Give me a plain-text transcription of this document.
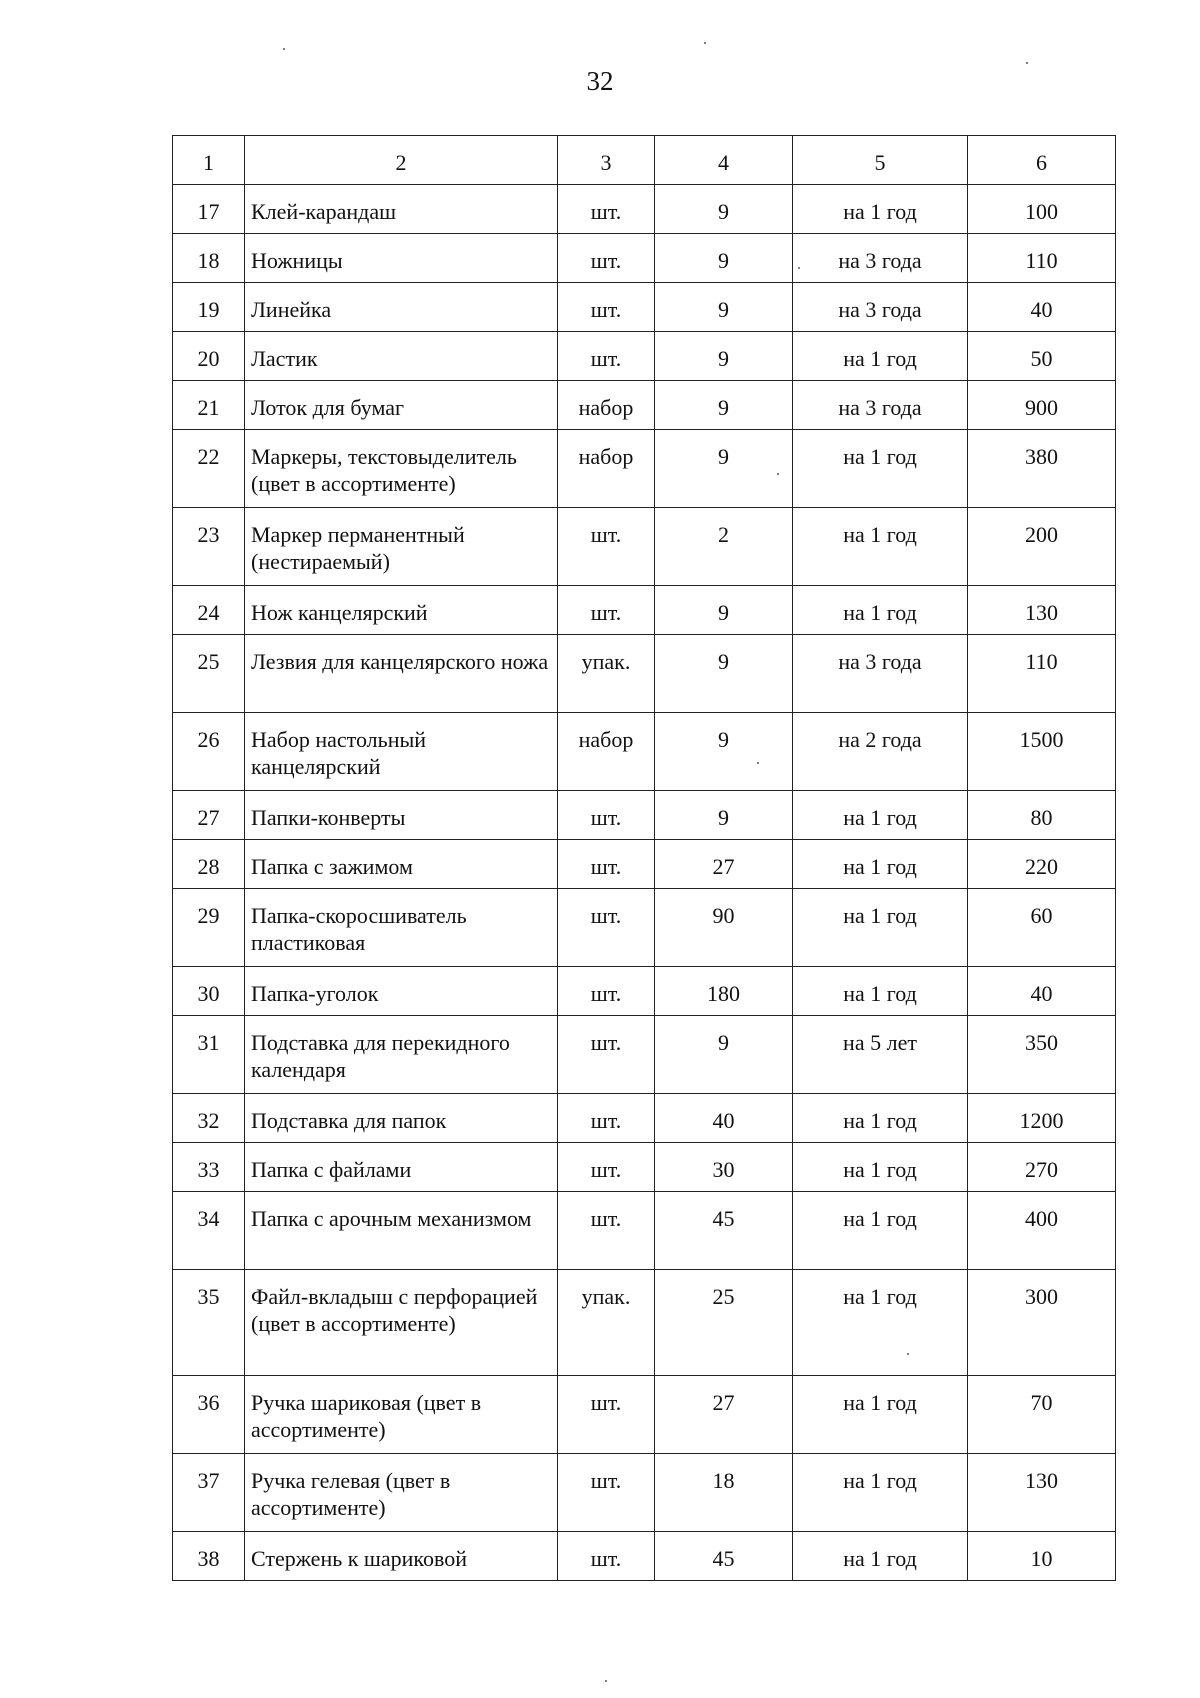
32
1	2	3	4	5	6
17	Клей-карандаш	шт.	9	на 1 год	100
18	Ножницы	шт.	9	на 3 года	110
19	Линейка	шт.	9	на 3 года	40
20	Ластик	шт.	9	на 1 год	50
21	Лоток для бумаг	набор	9	на 3 года	900
22	Маркеры, текстовыделитель (цвет в ассортименте)	набор	9	на 1 год	380
23	Маркер перманентный (нестираемый)	шт.	2	на 1 год	200
24	Нож канцелярский	шт.	9	на 1 год	130
25	Лезвия для канцелярского ножа	упак.	9	на 3 года	110
26	Набор настольный канцелярский	набор	9	на 2 года	1500
27	Папки-конверты	шт.	9	на 1 год	80
28	Папка с зажимом	шт.	27	на 1 год	220
29	Папка-скоросшиватель пластиковая	шт.	90	на 1 год	60
30	Папка-уголок	шт.	180	на 1 год	40
31	Подставка для перекидного календаря	шт.	9	на 5 лет	350
32	Подставка для папок	шт.	40	на 1 год	1200
33	Папка с файлами	шт.	30	на 1 год	270
34	Папка с арочным механизмом	шт.	45	на 1 год	400
35	Файл-вкладыш с перфорацией (цвет в ассортименте)	упак.	25	на 1 год	300
36	Ручка шариковая (цвет в ассортименте)	шт.	27	на 1 год	70
37	Ручка гелевая (цвет в ассортименте)	шт.	18	на 1 год	130
38	Стержень к шариковой	шт.	45	на 1 год	10
